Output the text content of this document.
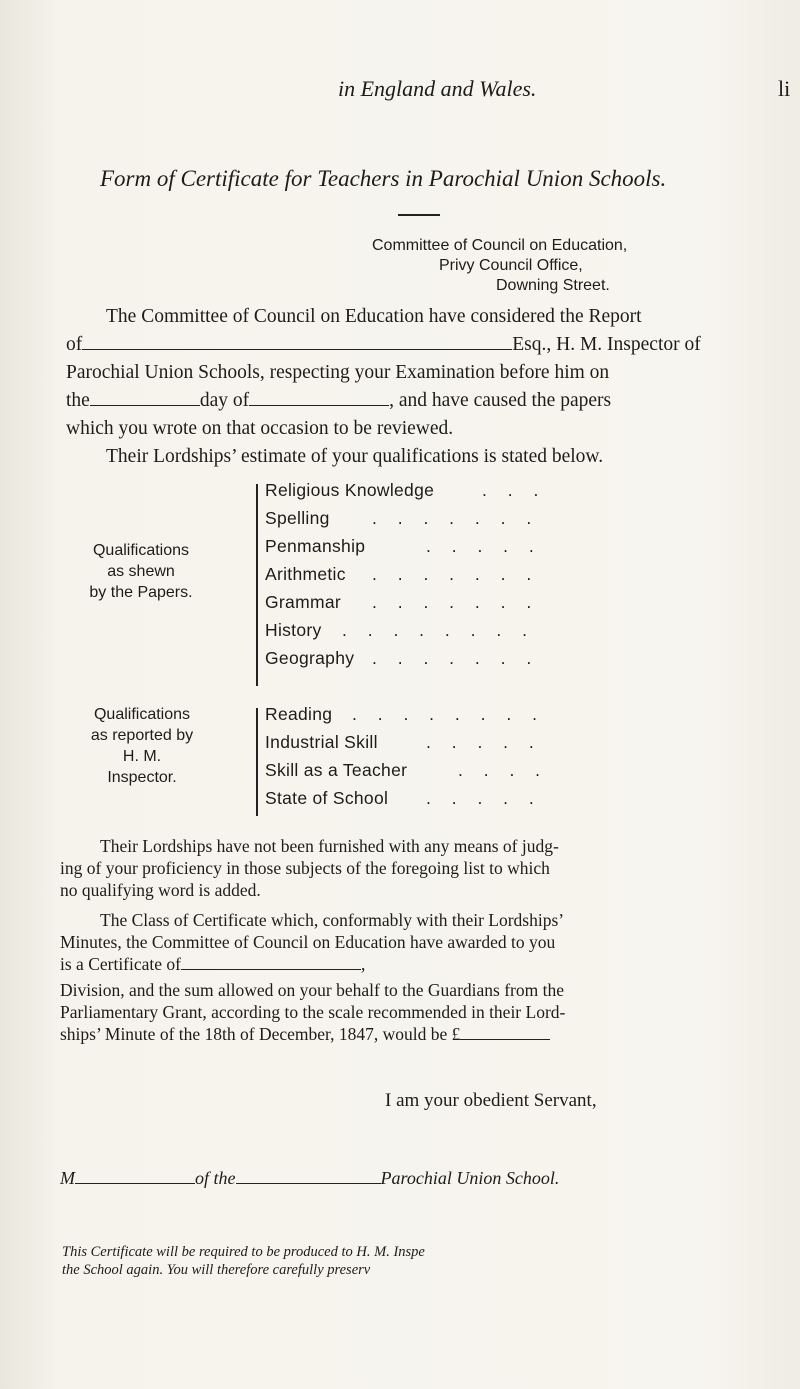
in England and Wales.	li
Form of Certificate for Teachers in Parochial Union Schools.
Committee of Council on Education,
Privy Council Office,
Downing Street.
The Committee of Council on Education have considered the Report
of	Esq., H. M. Inspector of
Parochial Union Schools, respecting your Examination before him on
the	day of	, and have caused the papers
which you wrote on that occasion to be reviewed.
Their Lordships’ estimate of your qualifications is stated below.
Qualifications
as shewn
by the Papers.
Religious Knowledge	. . .
Spelling . . . . . . .
Penmanship	. . . . .
Arithmetic . . . . . . .
Grammar . . . . . . .
History . . . . . . . .
Geography . . . . . . .
Qualifications
as reported by
H. M.
Inspector.
Reading . . . . . . . .
Industrial Skill	. . . . .
Skill as a Teacher	. . . .
State of School . . . . .
Their Lordships have not been furnished with any means of judg-
ing of your proficiency in those subjects of the foregoing list to which
no qualifying word is added.
The Class of Certificate which, conformably with their Lordships’
Minutes, the Committee of Council on Education have awarded to you
is a Certificate of	,
Division, and the sum allowed on your behalf to the Guardians from the
Parliamentary Grant, according to the scale recommended in their Lord-
ships’ Minute of the 18th of December, 1847, would be £
I am your obedient Servant,
M	of the	Parochial Union School.
This Certificate will be required to be produced to H. M. Inspe
the School again. You will therefore carefully preserv
